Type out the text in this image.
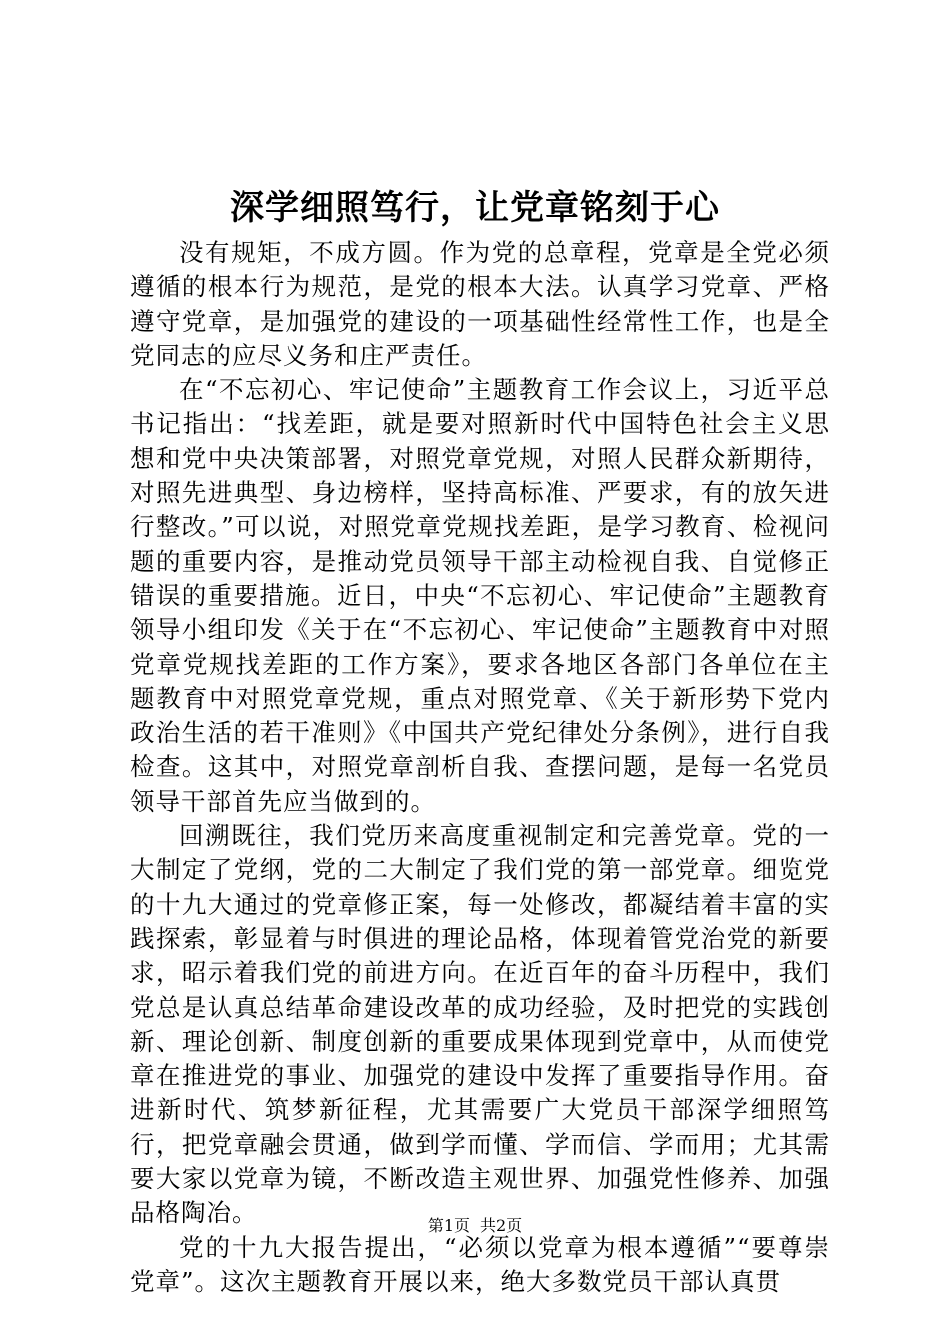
深学细照笃行，让党章铭刻于心

没有规矩，不成方圆。作为党的总章程，党章是全党必须遵循的根本行为规范，是党的根本大法。认真学习党章、严格遵守党章，是加强党的建设的一项基础性经常性工作，也是全党同志的应尽义务和庄严责任。

在“不忘初心、牢记使命”主题教育工作会议上，习近平总书记指出：“找差距，就是要对照新时代中国特色社会主义思想和党中央决策部署，对照党章党规，对照人民群众新期待，对照先进典型、身边榜样，坚持高标准、严要求，有的放矢进行整改。”可以说，对照党章党规找差距，是学习教育、检视问题的重要内容，是推动党员领导干部主动检视自我、自觉修正错误的重要措施。近日，中央“不忘初心、牢记使命”主题教育领导小组印发《关于在“不忘初心、牢记使命”主题教育中对照党章党规找差距的工作方案》，要求各地区各部门各单位在主题教育中对照党章党规，重点对照党章、《关于新形势下党内政治生活的若干准则》《中国共产党纪律处分条例》，进行自我检查。这其中，对照党章剖析自我、查摆问题，是每一名党员领导干部首先应当做到的。

回溯既往，我们党历来高度重视制定和完善党章。党的一大制定了党纲，党的二大制定了我们党的第一部党章。细览党的十九大通过的党章修正案，每一处修改，都凝结着丰富的实践探索，彰显着与时俱进的理论品格，体现着管党治党的新要求，昭示着我们党的前进方向。在近百年的奋斗历程中，我们党总是认真总结革命建设改革的成功经验，及时把党的实践创新、理论创新、制度创新的重要成果体现到党章中，从而使党章在推进党的事业、加强党的建设中发挥了重要指导作用。奋进新时代、筑梦新征程，尤其需要广大党员干部深学细照笃行，把党章融会贯通，做到学而懂、学而信、学而用；尤其需要大家以党章为镜，不断改造主观世界、加强党性修养、加强品格陶冶。

党的十九大报告提出，“必须以党章为根本遵循”“要尊崇党章”。这次主题教育开展以来，绝大多数党员干部认真贯

第1页 共2页
